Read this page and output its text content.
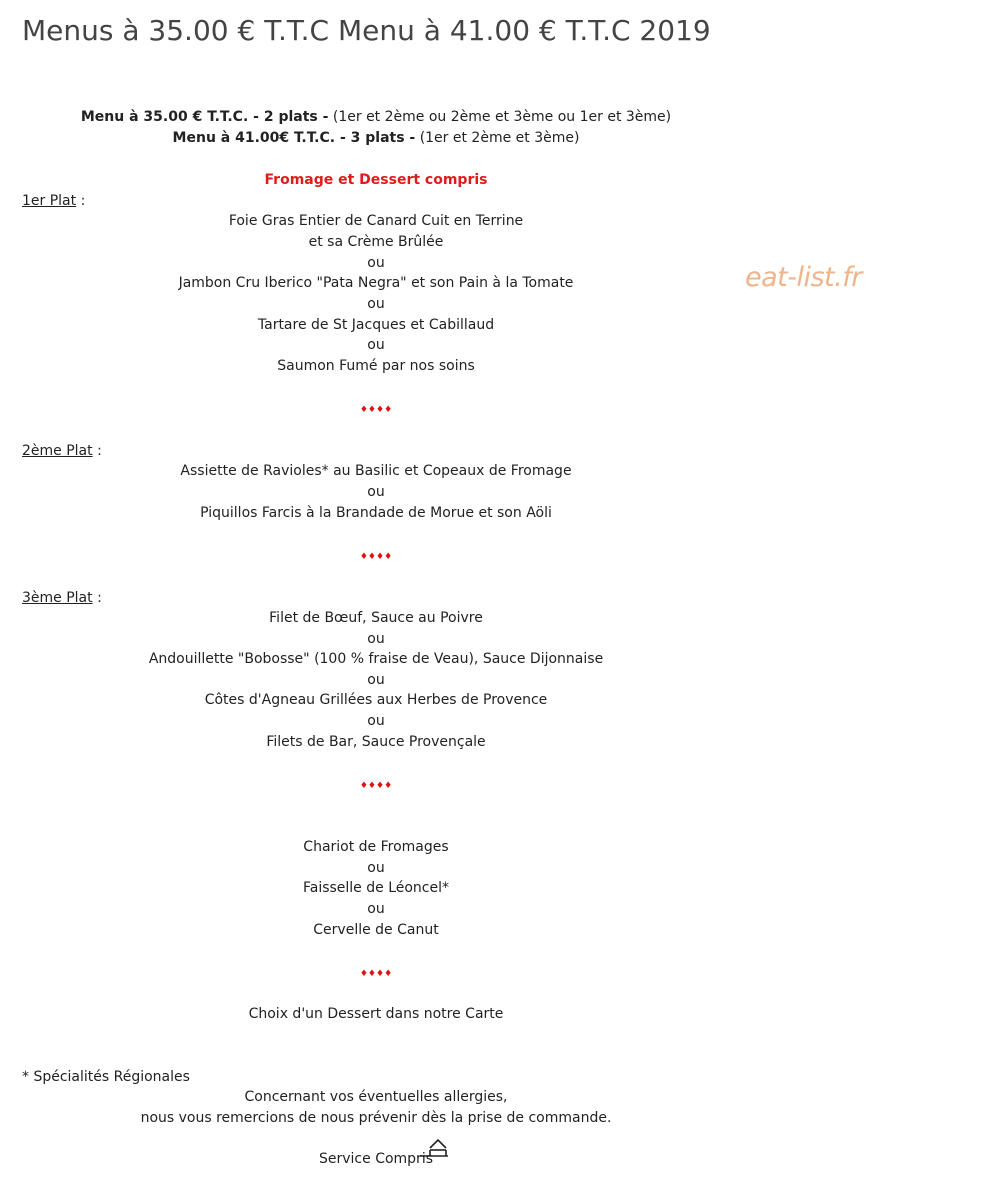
Menus à 35.00 € T.T.C Menu à 41.00 € T.T.C 2019
eat-list.fr
Menu à 35.00 € T.T.C. - 2 plats - (1er et 2ème ou 2ème et 3ème ou 1er et 3ème)
Menu à 41.00€ T.T.C. - 3 plats - (1er et 2ème et 3ème)
Fromage et Dessert compris
1er Plat :
Foie Gras Entier de Canard Cuit en Terrine
et sa Crème Brûlée
ou
Jambon Cru Iberico "Pata Negra" et son Pain à la Tomate
ou
Tartare de St Jacques et Cabillaud
ou
Saumon Fumé par nos soins
♦♦♦♦
2ème Plat :
Assiette de Ravioles* au Basilic et Copeaux de Fromage
ou
Piquillos Farcis à la Brandade de Morue et son Aöli
♦♦♦♦
3ème Plat :
Filet de Bœuf, Sauce au Poivre
ou
Andouillette "Bobosse" (100 % fraise de Veau), Sauce Dijonnaise
ou
Côtes d'Agneau Grillées aux Herbes de Provence
ou
Filets de Bar, Sauce Provençale
♦♦♦♦
Chariot de Fromages
ou
Faisselle de Léoncel*
ou
Cervelle de Canut
♦♦♦♦
Choix d'un Dessert dans notre Carte
* Spécialités Régionales
Concernant vos éventuelles allergies,
nous vous remercions de nous prévenir dès la prise de commande.
Service Compris
